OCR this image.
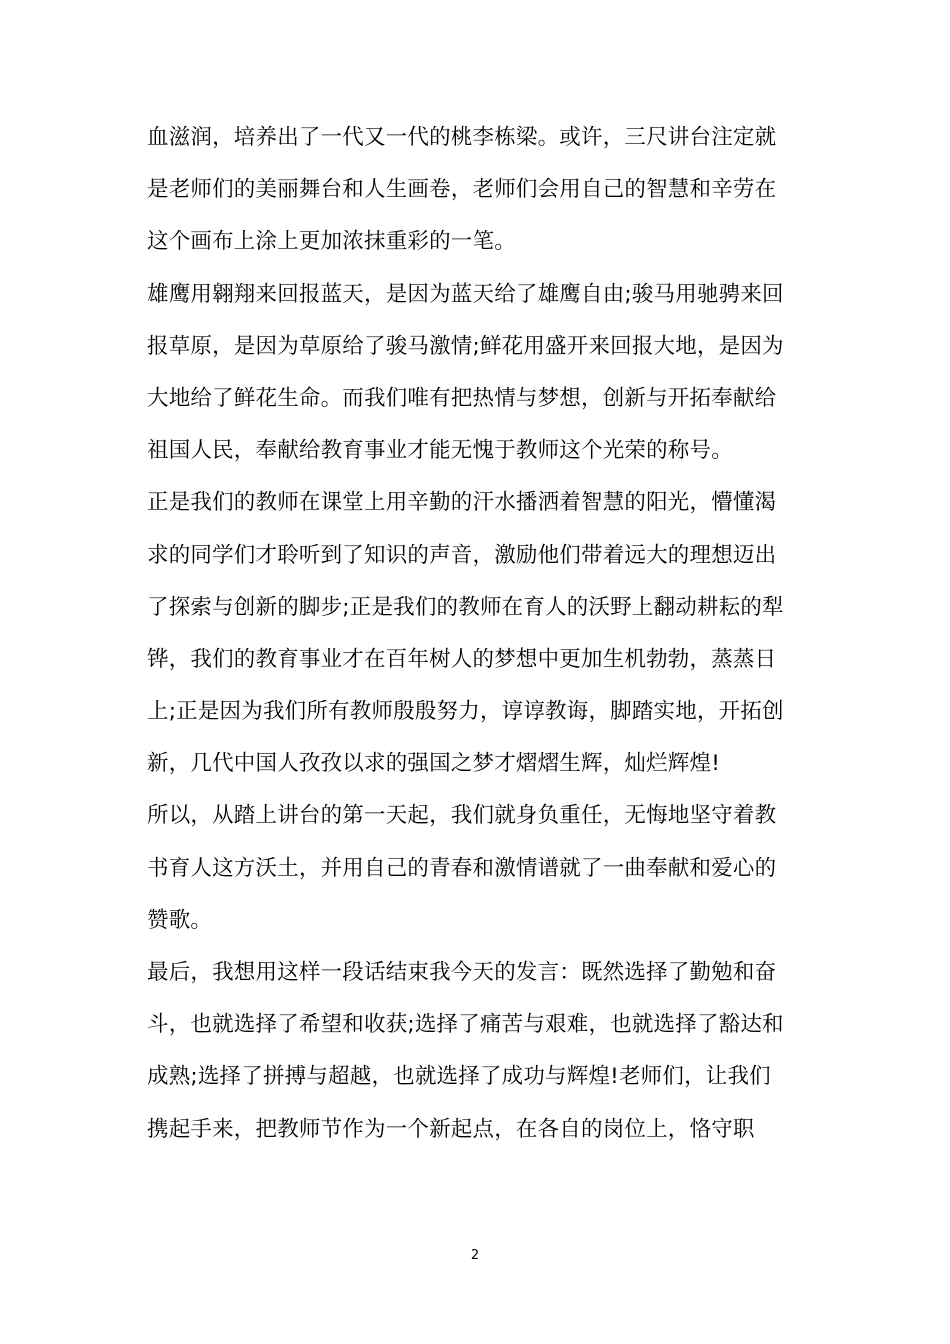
血滋润，培养出了一代又一代的桃李栋梁。或许，三尺讲台注定就
是老师们的美丽舞台和人生画卷，老师们会用自己的智慧和辛劳在
这个画布上涂上更加浓抹重彩的一笔。
雄鹰用翱翔来回报蓝天，是因为蓝天给了雄鹰自由;骏马用驰骋来回
报草原，是因为草原给了骏马激情;鲜花用盛开来回报大地，是因为
大地给了鲜花生命。而我们唯有把热情与梦想，创新与开拓奉献给
祖国人民，奉献给教育事业才能无愧于教师这个光荣的称号。
正是我们的教师在课堂上用辛勤的汗水播洒着智慧的阳光，懵懂渴
求的同学们才聆听到了知识的声音，激励他们带着远大的理想迈出
了探索与创新的脚步;正是我们的教师在育人的沃野上翻动耕耘的犁
铧，我们的教育事业才在百年树人的梦想中更加生机勃勃，蒸蒸日
上;正是因为我们所有教师殷殷努力，谆谆教诲，脚踏实地，开拓创
新，几代中国人孜孜以求的强国之梦才熠熠生辉，灿烂辉煌!
所以，从踏上讲台的第一天起，我们就身负重任，无悔地坚守着教
书育人这方沃土，并用自己的青春和激情谱就了一曲奉献和爱心的
赞歌。
最后，我想用这样一段话结束我今天的发言：既然选择了勤勉和奋
斗，也就选择了希望和收获;选择了痛苦与艰难，也就选择了豁达和
成熟;选择了拼搏与超越，也就选择了成功与辉煌!老师们，让我们
携起手来，把教师节作为一个新起点，在各自的岗位上，恪守职
2
